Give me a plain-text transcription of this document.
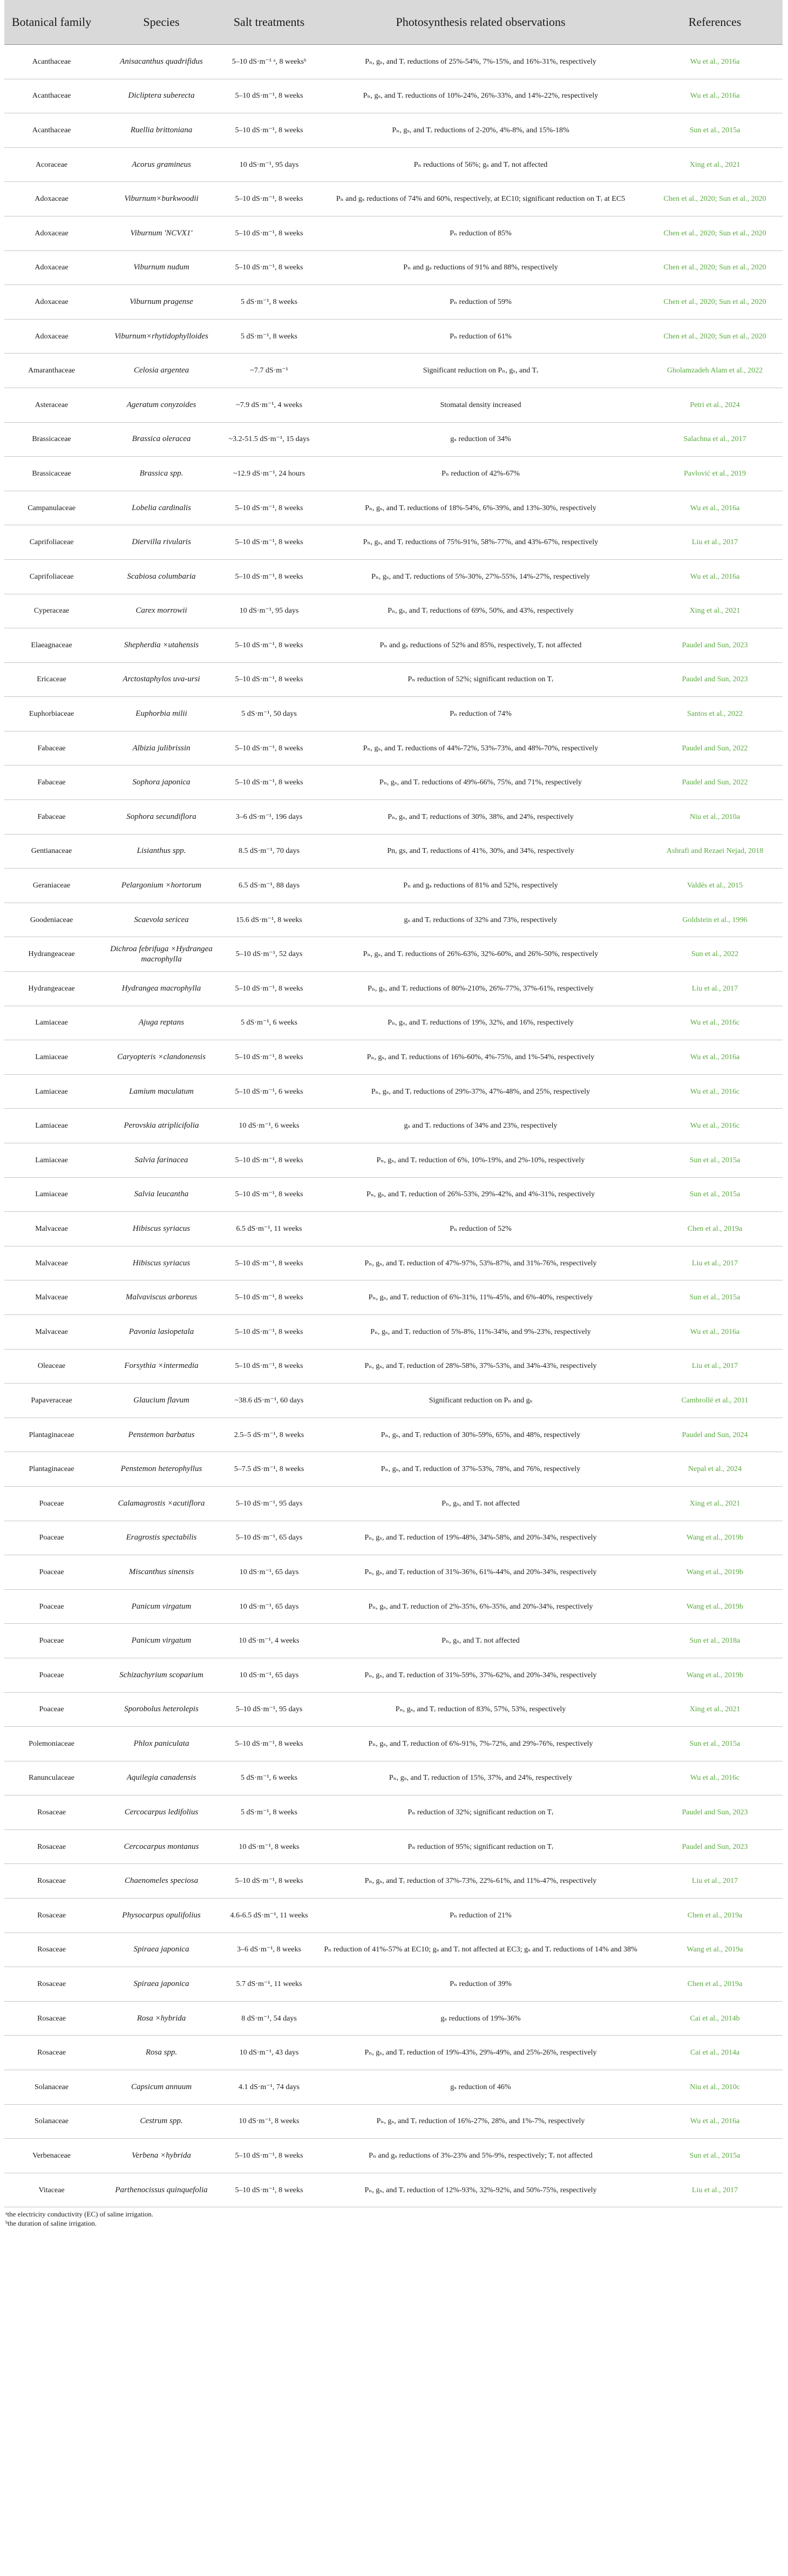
Botanical family	Species	Salt treatments	Photosynthesis related observations	References
Acanthaceae	Anisacanthus quadrifidus	5–10 dS·m⁻¹ ᵃ, 8 weeksᵇ	Pₙ, gₛ, and Tᵣ reductions of 25%-54%, 7%-15%, and 16%-31%, respectively	Wu et al., 2016a
Acanthaceae	Dicliptera suberecta	5–10 dS·m⁻¹, 8 weeks	Pₙ, gₛ, and Tᵣ reductions of 10%-24%, 26%-33%, and 14%-22%, respectively	Wu et al., 2016a
Acanthaceae	Ruellia brittoniana	5–10 dS·m⁻¹, 8 weeks	Pₙ, gₛ, and Tᵣ reductions of 2-20%, 4%-8%, and 15%-18%	Sun et al., 2015a
Acoraceae	Acorus gramineus	10 dS·m⁻¹, 95 days	Pₙ reductions of 56%; gₛ and Tᵣ not affected	Xing et al., 2021
Adoxaceae	Viburnum×burkwoodii	5–10 dS·m⁻¹, 8 weeks	Pₙ and gₛ reductions of 74% and 60%, respectively, at EC10; significant reduction on Tᵣ at EC5	Chen et al., 2020; Sun et al., 2020
Adoxaceae	Viburnum 'NCVX1'	5–10 dS·m⁻¹, 8 weeks	Pₙ reduction of 85%	Chen et al., 2020; Sun et al., 2020
Adoxaceae	Viburnum nudum	5–10 dS·m⁻¹, 8 weeks	Pₙ and gₛ reductions of 91% and 88%, respectively	Chen et al., 2020; Sun et al., 2020
Adoxaceae	Viburnum pragense	5 dS·m⁻¹, 8 weeks	Pₙ reduction of 59%	Chen et al., 2020; Sun et al., 2020
Adoxaceae	Viburnum×rhytidophylloides	5 dS·m⁻¹, 8 weeks	Pₙ reduction of 61%	Chen et al., 2020; Sun et al., 2020
Amaranthaceae	Celosia argentea	~7.7 dS·m⁻¹	Significant reduction on Pₙ, gₛ, and Tᵣ	Gholamzadeh Alam et al., 2022
Asteraceae	Ageratum conyzoides	~7.9 dS·m⁻¹, 4 weeks	Stomatal density increased	Petri et al., 2024
Brassicaceae	Brassica oleracea	~3.2-51.5 dS·m⁻¹, 15 days	gₛ reduction of 34%	Salachna et al., 2017
Brassicaceae	Brassica spp.	~12.9 dS·m⁻¹, 24 hours	Pₙ reduction of 42%-67%	Pavlović et al., 2019
Campanulaceae	Lobelia cardinalis	5–10 dS·m⁻¹, 8 weeks	Pₙ, gₛ, and Tᵣ reductions of 18%-54%, 6%-39%, and 13%-30%, respectively	Wu et al., 2016a
Caprifoliaceae	Diervilla rivularis	5–10 dS·m⁻¹, 8 weeks	Pₙ, gₛ, and Tᵣ reductions of 75%-91%, 58%-77%, and 43%-67%, respectively	Liu et al., 2017
Caprifoliaceae	Scabiosa columbaria	5–10 dS·m⁻¹, 8 weeks	Pₙ, gₛ, and Tᵣ reductions of 5%-30%, 27%-55%, 14%-27%, respectively	Wu et al., 2016a
Cyperaceae	Carex morrowii	10 dS·m⁻¹, 95 days	Pₙ, gₛ, and Tᵣ reductions of 69%, 50%, and 43%, respectively	Xing et al., 2021
Elaeagnaceae	Shepherdia ×utahensis	5–10 dS·m⁻¹, 8 weeks	Pₙ and gₛ reductions of 52% and 85%, respectively, Tᵣ not affected	Paudel and Sun, 2023
Ericaceae	Arctostaphylos uva-ursi	5–10 dS·m⁻¹, 8 weeks	Pₙ reduction of 52%; significant reduction on Tᵣ	Paudel and Sun, 2023
Euphorbiaceae	Euphorbia milii	5 dS·m⁻¹, 50 days	Pₙ reduction of 74%	Santos et al., 2022
Fabaceae	Albizia julibrissin	5–10 dS·m⁻¹, 8 weeks	Pₙ, gₛ, and Tᵣ reductions of 44%-72%, 53%-73%, and 48%-70%, respectively	Paudel and Sun, 2022
Fabaceae	Sophora japonica	5–10 dS·m⁻¹, 8 weeks	Pₙ, gₛ, and Tᵣ reductions of 49%-66%, 75%, and 71%, respectively	Paudel and Sun, 2022
Fabaceae	Sophora secundiflora	3–6 dS·m⁻¹, 196 days	Pₙ, gₛ, and Tᵣ reductions of 30%, 38%, and 24%, respectively	Niu et al., 2010a
Gentianaceae	Lisianthus spp.	8.5 dS·m⁻¹, 70 days	Pn, gs, and Tᵣ reductions of 41%, 30%, and 34%, respectively	Ashrafi and Rezaei Nejad, 2018
Geraniaceae	Pelargonium ×hortorum	6.5 dS·m⁻¹, 88 days	Pₙ and gₛ reductions of 81% and 52%, respectively	Valdés et al., 2015
Goodeniaceae	Scaevola sericea	15.6 dS·m⁻¹, 8 weeks	gₛ and Tᵣ reductions of 32% and 73%, respectively	Goldstein et al., 1996
Hydrangeaceae	Dichroa febrifuga ×Hydrangea macrophylla	5–10 dS·m⁻¹, 52 days	Pₙ, gₛ, and Tᵣ reductions of 26%-63%, 32%-60%, and 26%-50%, respectively	Sun et al., 2022
Hydrangeaceae	Hydrangea macrophylla	5–10 dS·m⁻¹, 8 weeks	Pₙ, gₛ, and Tᵣ reductions of 80%-210%, 26%-77%, 37%-61%, respectively	Liu et al., 2017
Lamiaceae	Ajuga reptans	5 dS·m⁻¹, 6 weeks	Pₙ, gₛ, and Tᵣ reductions of 19%, 32%, and 16%, respectively	Wu et al., 2016c
Lamiaceae	Caryopteris ×clandonensis	5–10 dS·m⁻¹, 8 weeks	Pₙ, gₛ, and Tᵣ reductions of 16%-60%, 4%-75%, and 1%-54%, respectively	Wu et al., 2016a
Lamiaceae	Lamium maculatum	5–10 dS·m⁻¹, 6 weeks	Pₙ, gₛ, and Tᵣ reductions of 29%-37%, 47%-48%, and 25%, respectively	Wu et al., 2016c
Lamiaceae	Perovskia atriplicifolia	10 dS·m⁻¹, 6 weeks	gₛ and Tᵣ reductions of 34% and 23%, respectively	Wu et al., 2016c
Lamiaceae	Salvia farinacea	5–10 dS·m⁻¹, 8 weeks	Pₙ, gₛ, and Tᵣ reduction of 6%, 10%-19%, and 2%-10%, respectively	Sun et al., 2015a
Lamiaceae	Salvia leucantha	5–10 dS·m⁻¹, 8 weeks	Pₙ, gₛ, and Tᵣ reduction of 26%-53%, 29%-42%, and 4%-31%, respectively	Sun et al., 2015a
Malvaceae	Hibiscus syriacus	6.5 dS·m⁻¹, 11 weeks	Pₙ reduction of 52%	Chen et al., 2019a
Malvaceae	Hibiscus syriacus	5–10 dS·m⁻¹, 8 weeks	Pₙ, gₛ, and Tᵣ reduction of 47%-97%, 53%-87%, and 31%-76%, respectively	Liu et al., 2017
Malvaceae	Malvaviscus arboreus	5–10 dS·m⁻¹, 8 weeks	Pₙ, gₛ, and Tᵣ reduction of 6%-31%, 11%-45%, and 6%-40%, respectively	Sun et al., 2015a
Malvaceae	Pavonia lasiopetala	5–10 dS·m⁻¹, 8 weeks	Pₙ, gₛ, and Tᵣ reduction of 5%-8%, 11%-34%, and 9%-23%, respectively	Wu et al., 2016a
Oleaceae	Forsythia ×intermedia	5–10 dS·m⁻¹, 8 weeks	Pₙ, gₛ, and Tᵣ reduction of 28%-58%, 37%-53%, and 34%-43%, respectively	Liu et al., 2017
Papaveraceae	Glaucium flavum	~38.6 dS·m⁻¹, 60 days	Significant reduction on Pₙ and gₛ	Cambrollé et al., 2011
Plantaginaceae	Penstemon barbatus	2.5–5 dS·m⁻¹, 8 weeks	Pₙ, gₛ, and Tᵣ reduction of 30%-59%, 65%, and 48%, respectively	Paudel and Sun, 2024
Plantaginaceae	Penstemon heterophyllus	5–7.5 dS·m⁻¹, 8 weeks	Pₙ, gₛ, and Tᵣ reduction of 37%-53%, 78%, and 76%, respectively	Nepal et al., 2024
Poaceae	Calamagrostis ×acutiflora	5–10 dS·m⁻¹, 95 days	Pₙ, gₛ, and Tᵣ not affected	Xing et al., 2021
Poaceae	Eragrostis spectabilis	5–10 dS·m⁻¹, 65 days	Pₙ, gₛ, and Tᵣ reduction of 19%-48%, 34%-58%, and 20%-34%, respectively	Wang et al., 2019b
Poaceae	Miscanthus sinensis	10 dS·m⁻¹, 65 days	Pₙ, gₛ, and Tᵣ reduction of 31%-36%, 61%-44%, and 20%-34%, respectively	Wang et al., 2019b
Poaceae	Panicum virgatum	10 dS·m⁻¹, 65 days	Pₙ, gₛ, and Tᵣ reduction of 2%-35%, 6%-35%, and 20%-34%, respectively	Wang et al., 2019b
Poaceae	Panicum virgatum	10 dS·m⁻¹, 4 weeks	Pₙ, gₛ, and Tᵣ not affected	Sun et al., 2018a
Poaceae	Schizachyrium scoparium	10 dS·m⁻¹, 65 days	Pₙ, gₛ, and Tᵣ reduction of 31%-59%, 37%-62%, and 20%-34%, respectively	Wang et al., 2019b
Poaceae	Sporobolus heterolepis	5–10 dS·m⁻¹, 95 days	Pₙ, gₛ, and Tᵣ reduction of 83%, 57%, 53%, respectively	Xing et al., 2021
Polemoniaceae	Phlox paniculata	5–10 dS·m⁻¹, 8 weeks	Pₙ, gₛ, and Tᵣ reduction of 6%-91%, 7%-72%, and 29%-76%, respectively	Sun et al., 2015a
Ranunculaceae	Aquilegia canadensis	5 dS·m⁻¹, 6 weeks	Pₙ, gₛ, and Tᵣ reduction of 15%, 37%, and 24%, respectively	Wu et al., 2016c
Rosaceae	Cercocarpus ledifolius	5 dS·m⁻¹, 8 weeks	Pₙ reduction of 32%; significant reduction on Tᵣ	Paudel and Sun, 2023
Rosaceae	Cercocarpus montanus	10 dS·m⁻¹, 8 weeks	Pₙ reduction of 95%; significant reduction on Tᵣ	Paudel and Sun, 2023
Rosaceae	Chaenomeles speciosa	5–10 dS·m⁻¹, 8 weeks	Pₙ, gₛ, and Tᵣ reduction of 37%-73%, 22%-61%, and 11%-47%, respectively	Liu et al., 2017
Rosaceae	Physocarpus opulifolius	4.6-6.5 dS·m⁻¹, 11 weeks	Pₙ reduction of 21%	Chen et al., 2019a
Rosaceae	Spiraea japonica	3–6 dS·m⁻¹, 8 weeks	Pₙ reduction of 41%-57% at EC10; gₛ and Tᵣ not affected at EC3; gₛ and Tᵣ reductions of 14% and 38%	Wang et al., 2019a
Rosaceae	Spiraea japonica	5.7 dS·m⁻¹, 11 weeks	Pₙ reduction of 39%	Chen et al., 2019a
Rosaceae	Rosa ×hybrida	8 dS·m⁻¹, 54 days	gₛ reductions of 19%-36%	Cai et al., 2014b
Rosaceae	Rosa spp.	10 dS·m⁻¹, 43 days	Pₙ, gₛ, and Tᵣ reduction of 19%-43%, 29%-49%, and 25%-26%, respectively	Cai et al., 2014a
Solanaceae	Capsicum annuum	4.1 dS·m⁻¹, 74 days	gₛ reduction of 46%	Niu et al., 2010c
Solanaceae	Cestrum spp.	10 dS·m⁻¹, 8 weeks	Pₙ, gₛ, and Tᵣ reduction of 16%-27%, 28%, and 1%-7%, respectively	Wu et al., 2016a
Verbenaceae	Verbena ×hybrida	5–10 dS·m⁻¹, 8 weeks	Pₙ and gₛ reductions of 3%-23% and 5%-9%, respectively; Tᵣ not affected	Sun et al., 2015a
Vitaceae	Parthenocissus quinquefolia	5–10 dS·m⁻¹, 8 weeks	Pₙ, gₛ, and Tᵣ reduction of 12%-93%, 32%-92%, and 50%-75%, respectively	Liu et al., 2017
ᵃthe electricity conductivity (EC) of saline irrigation.
ᵇthe duration of saline irrigation.
